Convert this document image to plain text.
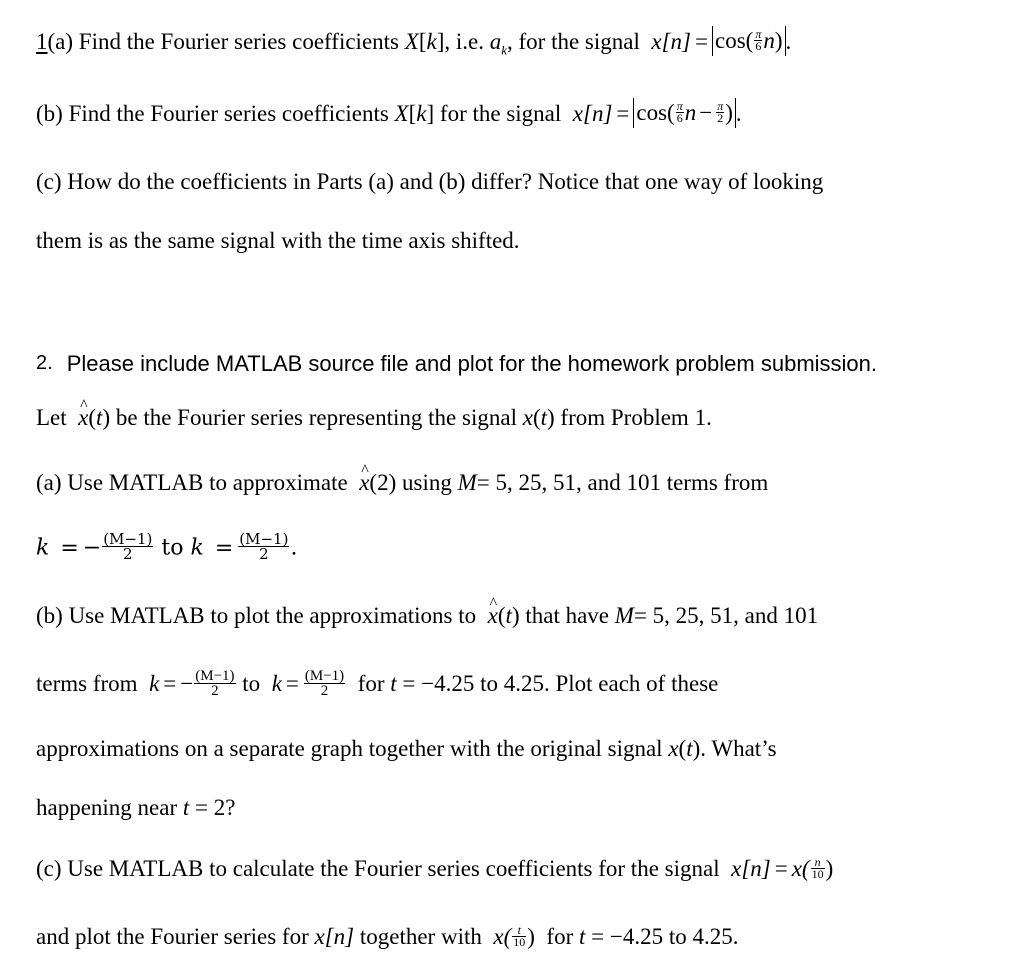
1(a) Find the Fourier series coefficients X[k], i.e. $a_k$, for the signal $x[n] = \cos( \frac{\pi}{6} n)$ .
(b) Find the Fourier series coefficients X[k] for the signal $x[n] = \cos( \frac{\pi}{6}$ $n - \frac{\pi}{2}$ ) .
(c) How do the coefficients in Parts (a) and (b) differ? Notice that one way of looking
them is as the same signal with the time axis shifted.
2. Please include MATLAB source file and plot for the homework problem submission.
Let ^ x(t) be the Fourier series representing the signal x(t) from Problem 1.
(a) Use MATLAB to approximate ^ x(2) using M= 5, 25, 51, and 101 terms from
k = − $\frac{(M-1)}{2}$ to $k = \frac{(M-1)}{2}$ .
(b) Use MATLAB to plot the approximations to ^ x(t) that have M= 5, 25, 51, and 101
terms from k = − $\frac{(M-1)}{2}$ to $k = \frac{(M-1)}{2}$ for t = −4.25 to 4.25. Plot each of these
approximations on a separate graph together with the original signal x(t). What’s
happening near t = 2?
(c) Use MATLAB to calculate the Fourier series coefficients for the signal $x[n] = x( \frac{n}{10}$ )
and plot the Fourier series for x[n] together with $x( \frac{t}{10}$ ) for t = −4.25 to 4.25.
